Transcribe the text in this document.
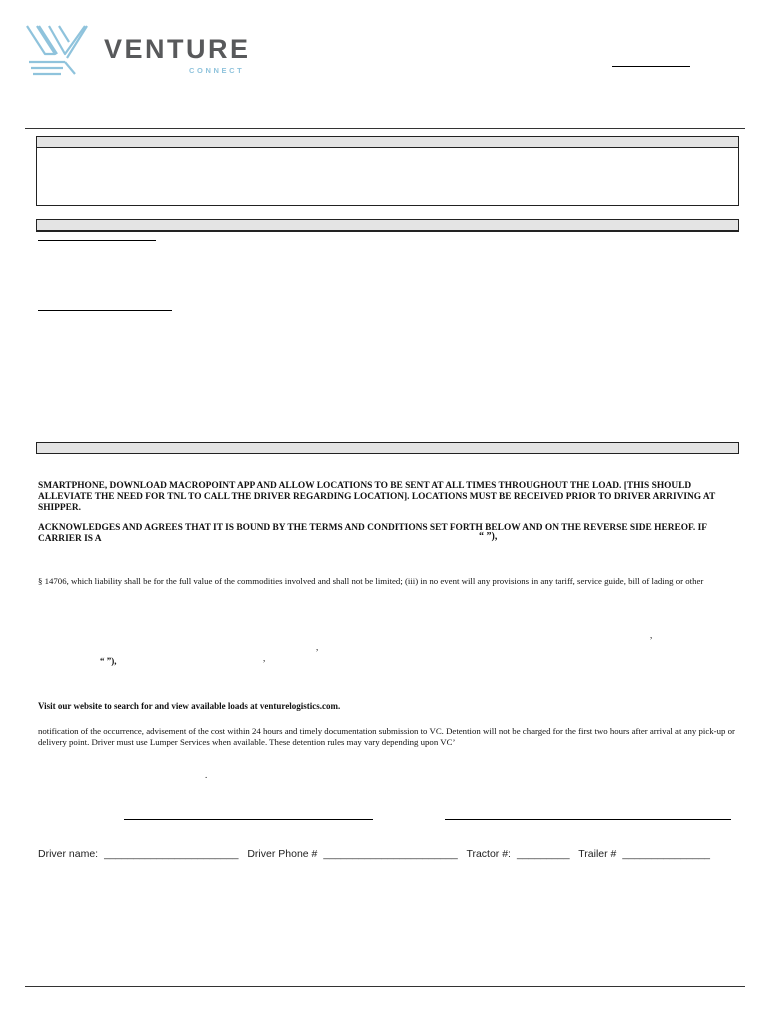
VENTURE
CONNECT
SMARTPHONE, DOWNLOAD MACROPOINT APP AND ALLOW LOCATIONS TO BE SENT AT ALL TIMES THROUGHOUT THE LOAD. [THIS SHOULD ALLEVIATE THE NEED FOR TNL TO CALL THE DRIVER REGARDING LOCATION]. LOCATIONS MUST BE RECEIVED PRIOR TO DRIVER ARRIVING AT SHIPPER.
ACKNOWLEDGES AND AGREES THAT IT IS BOUND BY THE TERMS AND CONDITIONS SET FORTH BELOW AND ON THE REVERSE SIDE HEREOF. IF CARRIER IS A	“ ”),
§ 14706, which liability shall be for the full value of the commodities involved and shall not be limited; (iii) in no event will any provisions in any tariff, service guide, bill of lading or other
,
,
“ ”),	,
Visit our website to search for and view available loads at venturelogistics.com.
notification of the occurrence, advisement of the cost within 24 hours and timely documentation submission to VC. Detention will not be charged for the first two hours after arrival at any pick-up or delivery point. Driver must use Lumper Services when available. These detention rules may vary depending upon VC’
.
Driver name: _______________________ Driver Phone # _______________________ Tractor #: _________ Trailer # _______________
